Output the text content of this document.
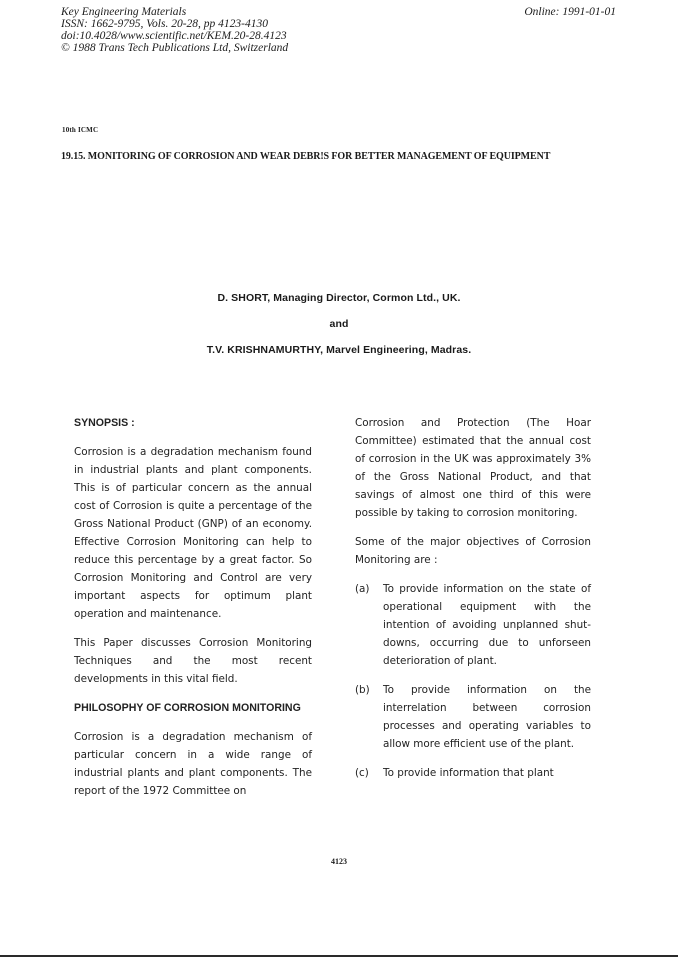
Key Engineering Materials
ISSN: 1662-9795, Vols. 20-28, pp 4123-4130
doi:10.4028/www.scientific.net/KEM.20-28.4123
© 1988 Trans Tech Publications Ltd, Switzerland
Online: 1991-01-01
10th ICMC
19.15. MONITORING OF CORROSION AND WEAR DEBR!S FOR BETTER MANAGEMENT OF EQUIPMENT
D. SHORT, Managing Director, Cormon Ltd., UK.
and
T.V. KRISHNAMURTHY, Marvel Engineering, Madras.
SYNOPSIS :

Corrosion is a degradation mechanism found in industrial plants and plant components. This is of particular concern as the annual cost of Corrosion is quite a percentage of the Gross National Product (GNP) of an economy. Effective Corrosion Monitoring can help to reduce this percentage by a great factor. So Corrosion Monitoring and Control are very important aspects for optimum plant operation and maintenance.

This Paper discusses Corrosion Monitoring Techniques and the most recent developments in this vital field.

PHILOSOPHY OF CORROSION MONITORING

Corrosion is a degradation mechanism of particular concern in a wide range of industrial plants and plant components. The report of the 1972 Committee on

Corrosion and Protection (The Hoar Committee) estimated that the annual cost of corrosion in the UK was approximately 3% of the Gross National Product, and that savings of almost one third of this were possible by taking to corrosion monitoring.

Some of the major objectives of Corrosion Monitoring are :

(a)	To provide information on the state of operational equipment with the intention of avoiding unplanned shut-downs, occurring due to unforseen deterioration of plant.
(b)	To provide information on the interrelation between corrosion processes and operating variables to allow more efficient use of the plant.
(c)	To provide information that plant
4123
